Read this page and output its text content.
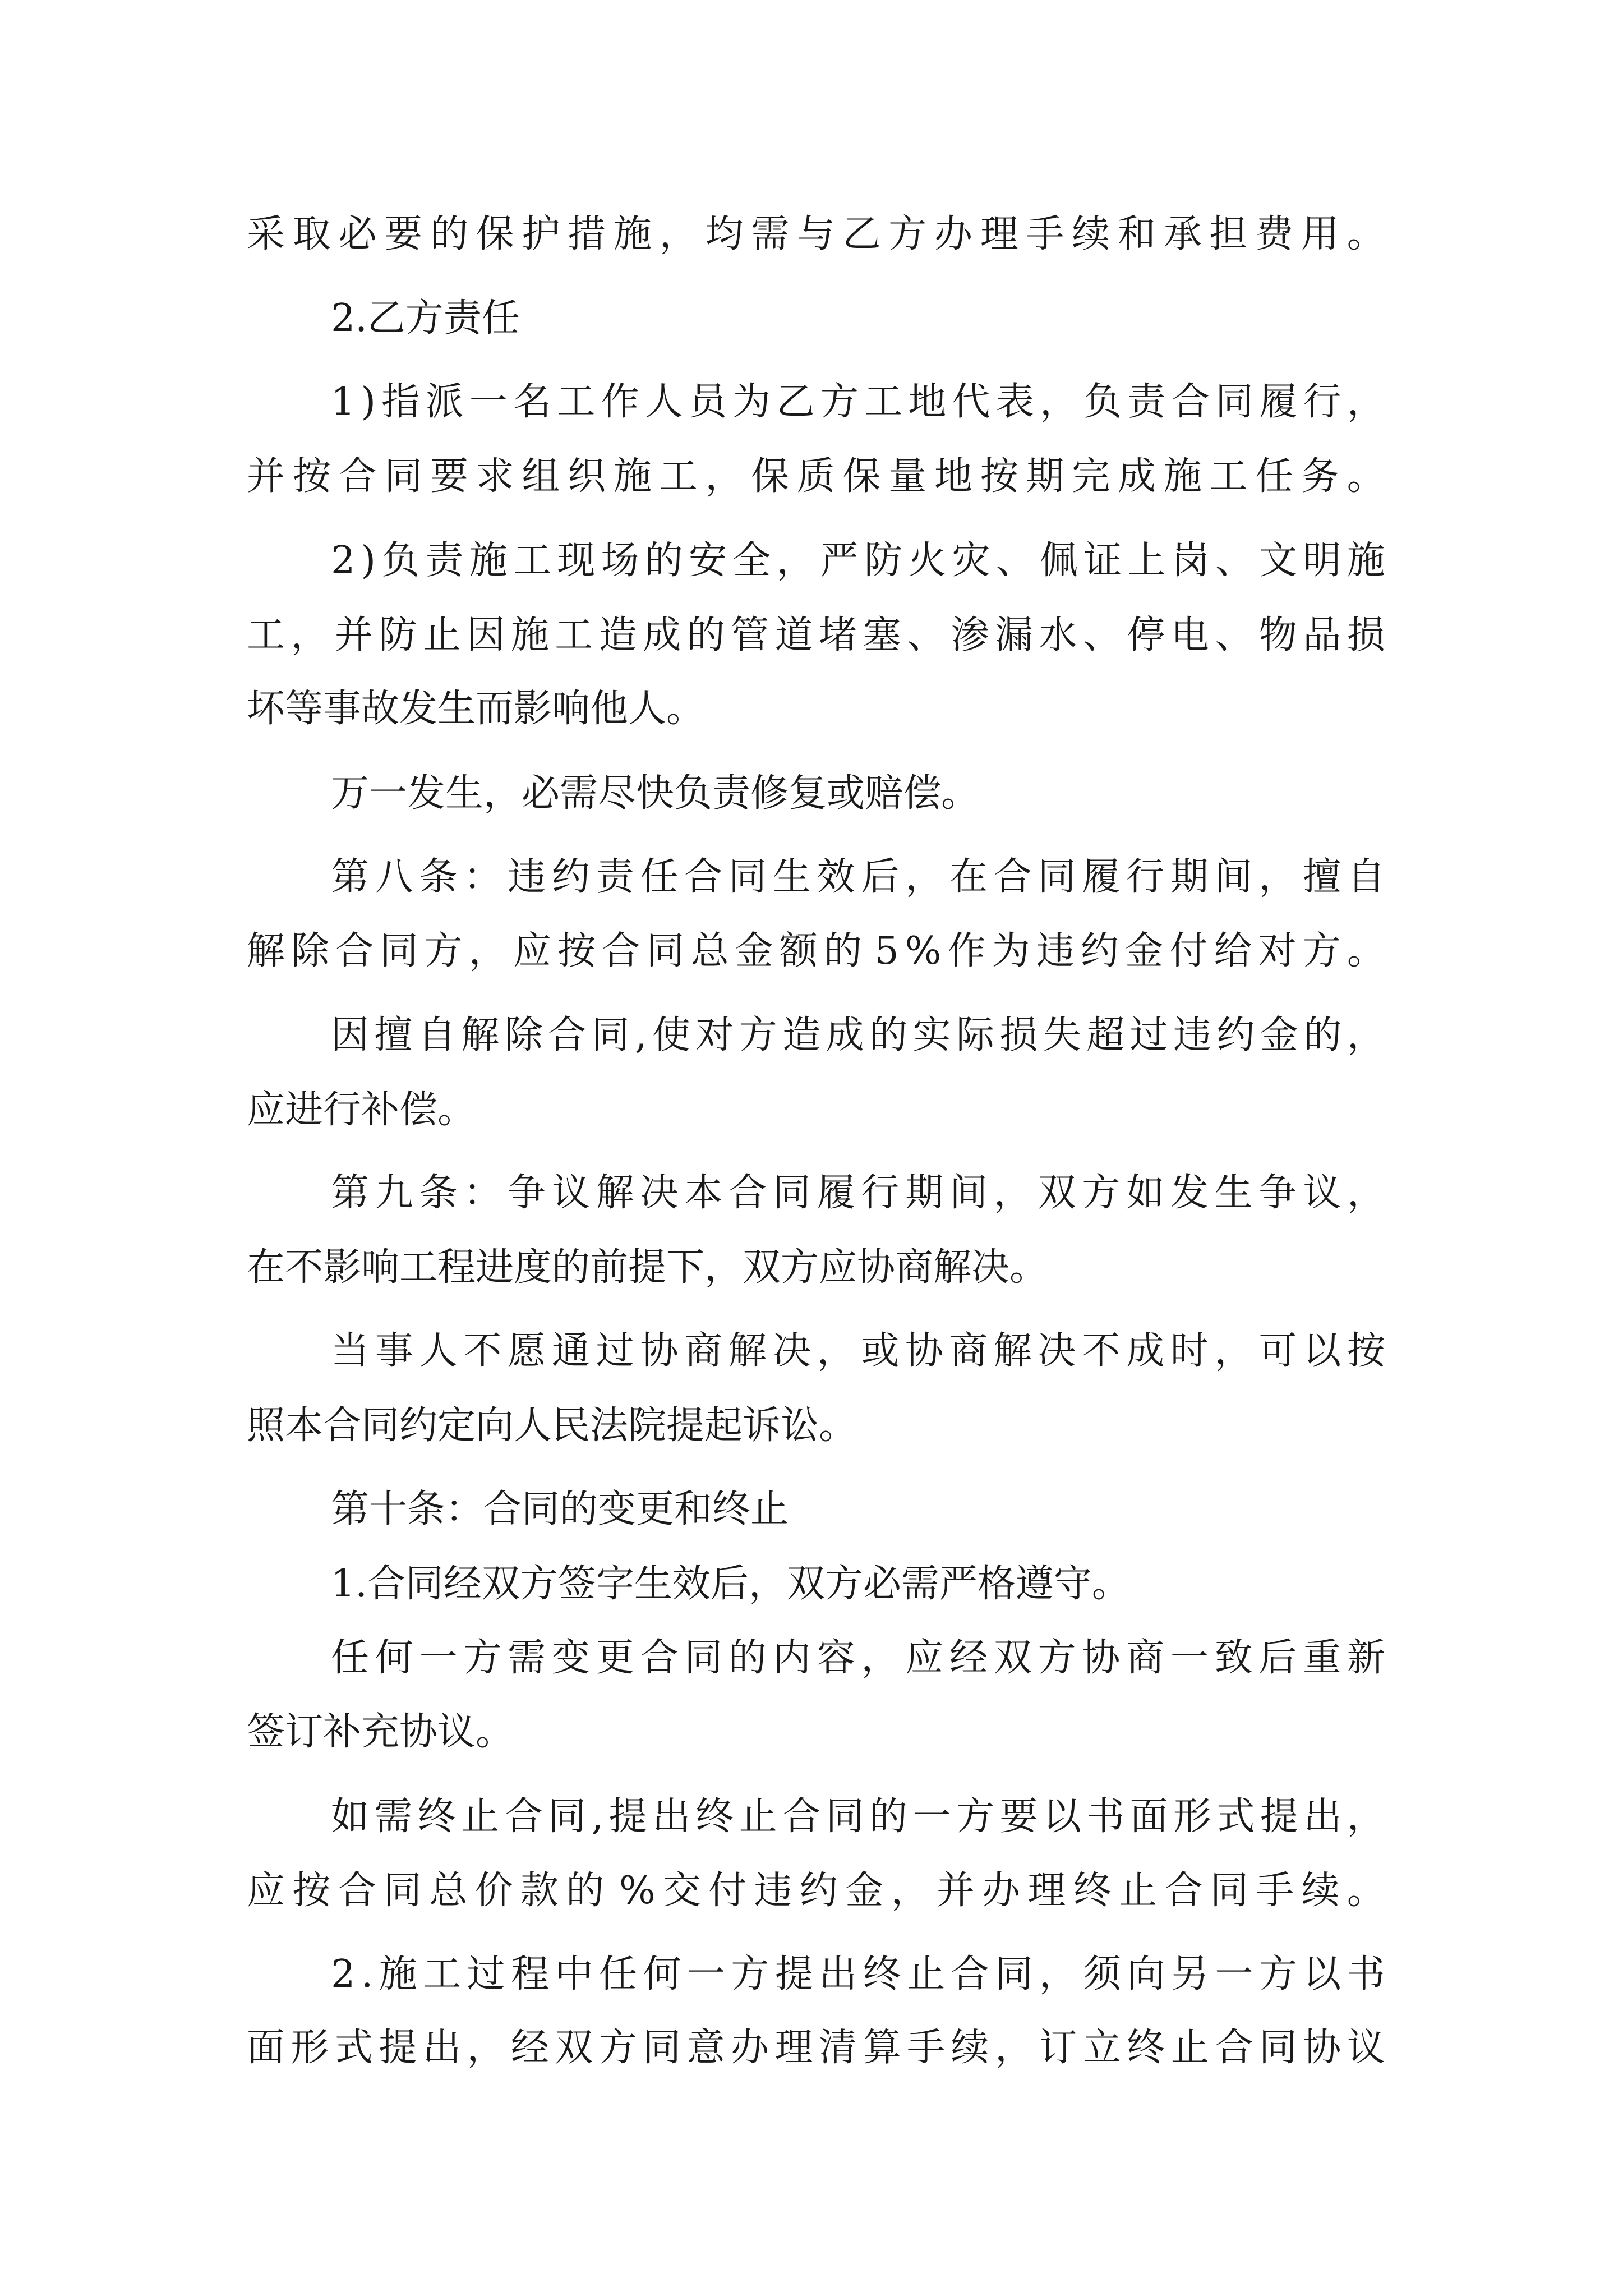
采 取 必 要 的 保 护 措 施 ， 均 需 与 乙 方 办 理 手 续 和 承 担 费 用 。
2.乙方责任
1 ) 指 派 一 名 工 作 人 员 为 乙 方 工 地 代 表 ， 负 责 合 同 履 行 ，
并 按 合 同 要 求 组 织 施 工 ， 保 质 保 量 地 按 期 完 成 施 工 任 务 。
2 ) 负 责 施 工 现 场 的 安 全 ， 严 防 火 灾 、 佩 证 上 岗 、 文 明 施
工 ， 并 防 止 因 施 工 造 成 的 管 道 堵 塞 、 渗 漏 水 、 停 电 、 物 品 损
坏等事故发生而影响他人。
万一发生，必需尽快负责修复或赔偿。
第 八 条 ： 违 约 责 任 合 同 生 效 后 ， 在 合 同 履 行 期 间 ， 擅 自
解 除 合 同 方 ， 应 按 合 同 总 金 额 的 5 % 作 为 违 约 金 付 给 对 方 。
因 擅 自 解 除 合 同 , 使 对 方 造 成 的 实 际 损 失 超 过 违 约 金 的 ，
应进行补偿。
第 九 条 ： 争 议 解 决 本 合 同 履 行 期 间 ， 双 方 如 发 生 争 议 ，
在不影响工程进度的前提下，双方应协商解决。
当 事 人 不 愿 通 过 协 商 解 决 ， 或 协 商 解 决 不 成 时 ， 可 以 按
照本合同约定向人民法院提起诉讼。
第十条：合同的变更和终止
1.合同经双方签字生效后，双方必需严格遵守。
任 何 一 方 需 变 更 合 同 的 内 容 ， 应 经 双 方 协 商 一 致 后 重 新
签订补充协议。
如 需 终 止 合 同 , 提 出 终 止 合 同 的 一 方 要 以 书 面 形 式 提 出 ，
应 按 合 同 总 价 款 的 % 交 付 违 约 金 ， 并 办 理 终 止 合 同 手 续 。
2 . 施 工 过 程 中 任 何 一 方 提 出 终 止 合 同 ， 须 向 另 一 方 以 书
面 形 式 提 出 ， 经 双 方 同 意 办 理 清 算 手 续 ， 订 立 终 止 合 同 协 议
